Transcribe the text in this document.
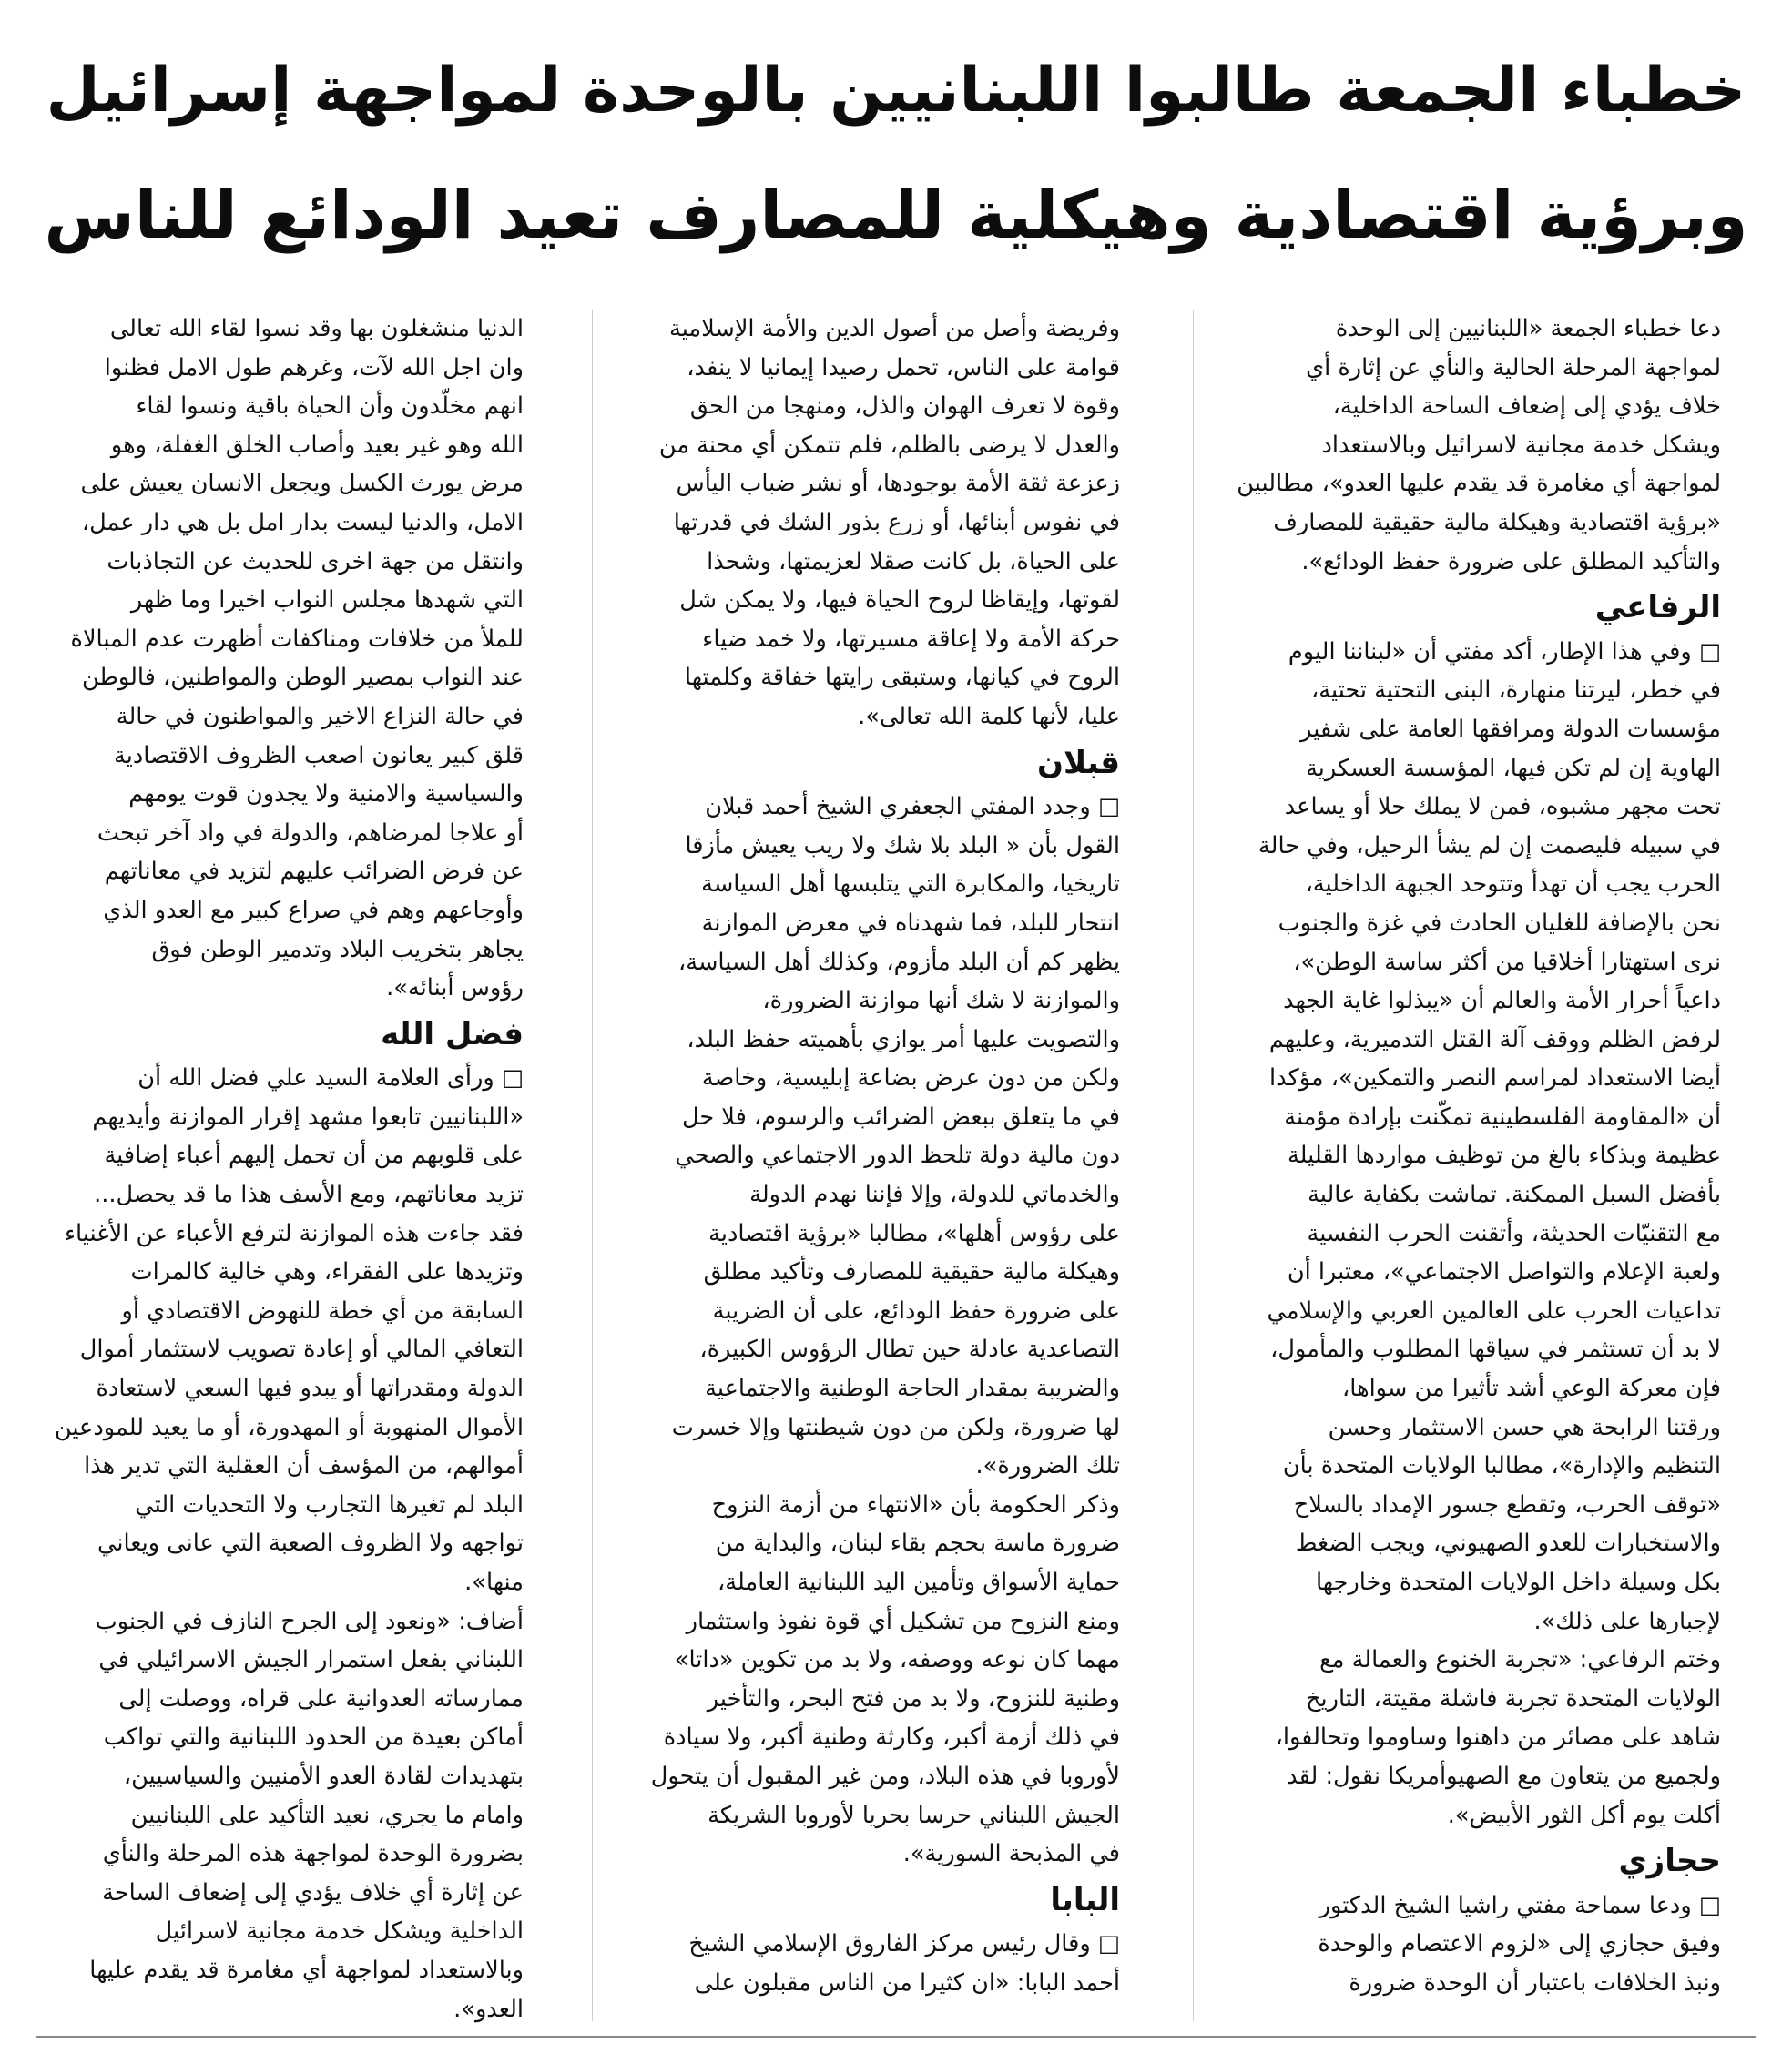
خطباء الجمعة طالبوا اللبنانيين بالوحدة لمواجهة إسرائيل
وبرؤية اقتصادية وهيكلية للمصارف تعيد الودائع للناس
دعا خطباء الجمعة «اللبنانيين إلى الوحدة
لمواجهة المرحلة الحالية والنأي عن إثارة أي
خلاف يؤدي إلى إضعاف الساحة الداخلية،
ويشكل خدمة مجانية لاسرائيل وبالاستعداد
لمواجهة أي مغامرة قد يقدم عليها العدو»، مطالبين
«برؤية اقتصادية وهيكلة مالية حقيقية للمصارف
والتأكيد المطلق على ضرورة حفظ الودائع».
الرفاعي
□ وفي هذا الإطار، أكد مفتي أن «لبناننا اليوم
في خطر، ليرتنا منهارة، البنى التحتية تحتية،
مؤسسات الدولة ومرافقها العامة على شفير
الهاوية إن لم تكن فيها، المؤسسة العسكرية
تحت مجهر مشبوه، فمن لا يملك حلا أو يساعد
في سبيله فليصمت إن لم يشأ الرحيل، وفي حالة
الحرب يجب أن تهدأ وتتوحد الجبهة الداخلية،
نحن بالإضافة للغليان الحادث في غزة والجنوب
نرى استهتارا أخلاقيا من أكثر ساسة الوطن»،
داعياً أحرار الأمة والعالم أن «يبذلوا غاية الجهد
لرفض الظلم ووقف آلة القتل التدميرية، وعليهم
أيضا الاستعداد لمراسم النصر والتمكين»، مؤكدا
أن «المقاومة الفلسطينية تمكّنت بإرادة مؤمنة
عظيمة وبذكاء بالغ من توظيف مواردها القليلة
بأفضل السبل الممكنة. تماشت بكفاية عالية
مع التقنيّات الحديثة، وأتقنت الحرب النفسية
ولعبة الإعلام والتواصل الاجتماعي»، معتبرا أن
تداعيات الحرب على العالمين العربي والإسلامي
لا بد أن تستثمر في سياقها المطلوب والمأمول،
فإن معركة الوعي أشد تأثيرا من سواها،
ورقتنا الرابحة هي حسن الاستثمار وحسن
التنظيم والإدارة»، مطالبا الولايات المتحدة بأن
«توقف الحرب، وتقطع جسور الإمداد بالسلاح
والاستخبارات للعدو الصهيوني، ويجب الضغط
بكل وسيلة داخل الولايات المتحدة وخارجها
لإجبارها على ذلك».
وختم الرفاعي: «تجربة الخنوع والعمالة مع
الولايات المتحدة تجربة فاشلة مقيتة، التاريخ
شاهد على مصائر من داهنوا وساوموا وتحالفوا،
ولجميع من يتعاون مع الصهيوأمريكا نقول: لقد
أكلت يوم أكل الثور الأبيض».
حجازي
□ ودعا سماحة مفتي راشيا الشيخ الدكتور
وفيق حجازي إلى «لزوم الاعتصام والوحدة
ونبذ الخلافات باعتبار أن الوحدة ضرورة
وفريضة وأصل من أصول الدين والأمة الإسلامية
قوامة على الناس، تحمل رصيدا إيمانيا لا ينفد،
وقوة لا تعرف الهوان والذل، ومنهجا من الحق
والعدل لا يرضى بالظلم، فلم تتمكن أي محنة من
زعزعة ثقة الأمة بوجودها، أو نشر ضباب اليأس
في نفوس أبنائها، أو زرع بذور الشك في قدرتها
على الحياة، بل كانت صقلا لعزيمتها، وشحذا
لقوتها، وإيقاظا لروح الحياة فيها، ولا يمكن شل
حركة الأمة ولا إعاقة مسيرتها، ولا خمد ضياء
الروح في كيانها، وستبقى رايتها خفاقة وكلمتها
عليا، لأنها كلمة الله تعالى».
قبلان
□ وجدد المفتي الجعفري الشيخ أحمد قبلان
القول بأن « البلد بلا شك ولا ريب يعيش مأزقا
تاريخيا، والمكابرة التي يتلبسها أهل السياسة
انتحار للبلد، فما شهدناه في معرض الموازنة
يظهر كم أن البلد مأزوم، وكذلك أهل السياسة،
والموازنة لا شك أنها موازنة الضرورة،
والتصويت عليها أمر يوازي بأهميته حفظ البلد،
ولكن من دون عرض بضاعة إبليسية، وخاصة
في ما يتعلق ببعض الضرائب والرسوم، فلا حل
دون مالية دولة تلحظ الدور الاجتماعي والصحي
والخدماتي للدولة، وإلا فإننا نهدم الدولة
على رؤوس أهلها»، مطالبا «برؤية اقتصادية
وهيكلة مالية حقيقية للمصارف وتأكيد مطلق
على ضرورة حفظ الودائع، على أن الضريبة
التصاعدية عادلة حين تطال الرؤوس الكبيرة،
والضريبة بمقدار الحاجة الوطنية والاجتماعية
لها ضرورة، ولكن من دون شيطنتها وإلا خسرت
تلك الضرورة».
وذكر الحكومة بأن «الانتهاء من أزمة النزوح
ضرورة ماسة بحجم بقاء لبنان، والبداية من
حماية الأسواق وتأمين اليد اللبنانية العاملة،
ومنع النزوح من تشكيل أي قوة نفوذ واستثمار
مهما كان نوعه ووصفه، ولا بد من تكوين «داتا»
وطنية للنزوح، ولا بد من فتح البحر، والتأخير
في ذلك أزمة أكبر، وكارثة وطنية أكبر، ولا سيادة
لأوروبا في هذه البلاد، ومن غير المقبول أن يتحول
الجيش اللبناني حرسا بحريا لأوروبا الشريكة
في المذبحة السورية».
البابا
□ وقال رئيس مركز الفاروق الإسلامي الشيخ
أحمد البابا: «ان كثيرا من الناس مقبلون على
الدنيا منشغلون بها وقد نسوا لقاء الله تعالى
وان اجل الله لآت، وغرهم طول الامل فظنوا
انهم مخلّدون وأن الحياة باقية ونسوا لقاء
الله وهو غير بعيد وأصاب الخلق الغفلة، وهو
مرض يورث الكسل ويجعل الانسان يعيش على
الامل، والدنيا ليست بدار امل بل هي دار عمل،
وانتقل من جهة اخرى للحديث عن التجاذبات
التي شهدها مجلس النواب اخيرا وما ظهر
للملأ من خلافات ومناكفات أظهرت عدم المبالاة
عند النواب بمصير الوطن والمواطنين، فالوطن
في حالة النزاع الاخير والمواطنون في حالة
قلق كبير يعانون اصعب الظروف الاقتصادية
والسياسية والامنية ولا يجدون قوت يومهم
أو علاجا لمرضاهم، والدولة في واد آخر تبحث
عن فرض الضرائب عليهم لتزيد في معاناتهم
وأوجاعهم وهم في صراع كبير مع العدو الذي
يجاهر بتخريب البلاد وتدمير الوطن فوق
رؤوس أبنائه».
فضل الله
□ ورأى العلامة السيد علي فضل الله أن
«اللبنانيين تابعوا مشهد إقرار الموازنة وأيديهم
على قلوبهم من أن تحمل إليهم أعباء إضافية
تزيد معاناتهم، ومع الأسف هذا ما قد يحصل...
فقد جاءت هذه الموازنة لترفع الأعباء عن الأغنياء
وتزيدها على الفقراء، وهي خالية كالمرات
السابقة من أي خطة للنهوض الاقتصادي أو
التعافي المالي أو إعادة تصويب لاستثمار أموال
الدولة ومقدراتها أو يبدو فيها السعي لاستعادة
الأموال المنهوبة أو المهدورة، أو ما يعيد للمودعين
أموالهم، من المؤسف أن العقلية التي تدير هذا
البلد لم تغيرها التجارب ولا التحديات التي
تواجهه ولا الظروف الصعبة التي عانى ويعاني
منها».
أضاف: «ونعود إلى الجرح النازف في الجنوب
اللبناني بفعل استمرار الجيش الاسرائيلي في
ممارساته العدوانية على قراه، ووصلت إلى
أماكن بعيدة من الحدود اللبنانية والتي تواكب
بتهديدات لقادة العدو الأمنيين والسياسيين،
وامام ما يجري، نعيد التأكيد على اللبنانيين
بضرورة الوحدة لمواجهة هذه المرحلة والنأي
عن إثارة أي خلاف يؤدي إلى إضعاف الساحة
الداخلية ويشكل خدمة مجانية لاسرائيل
وبالاستعداد لمواجهة أي مغامرة قد يقدم عليها
العدو».
